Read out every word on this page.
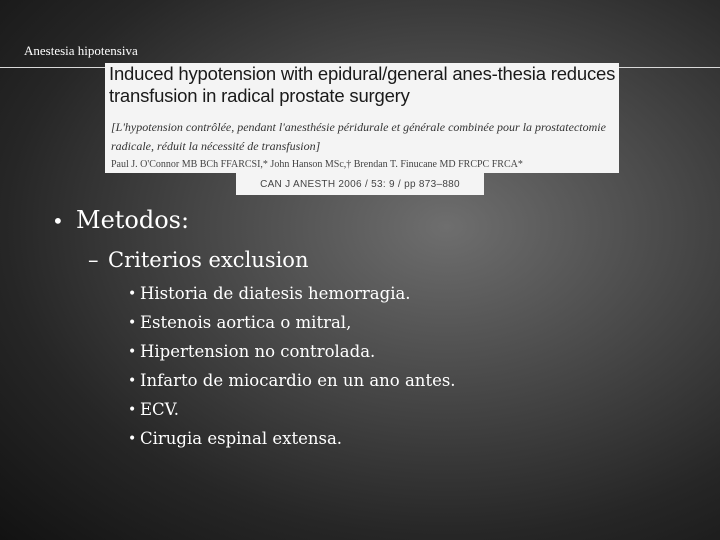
Anestesia hipotensiva
Induced hypotension with epidural/general anes-thesia reduces transfusion in radical prostate surgery
[L'hypotension contrôlée, pendant l'anesthésie péridurale et générale combinée pour la prostatectomie radicale, réduit la nécessité de transfusion]
Paul J. O'Connor MB BCh FFARCSI,* John Hanson MSc,† Brendan T. Finucane MD FRCPC FRCA*
CAN J ANESTH 2006 / 53: 9 / pp 873–880
• Metodos:
– Criterios exclusion
• Historia de diatesis hemorragia.
• Estenois aortica o mitral,
• Hipertension no controlada.
• Infarto de miocardio en un ano antes.
• ECV.
• Cirugia espinal extensa.
